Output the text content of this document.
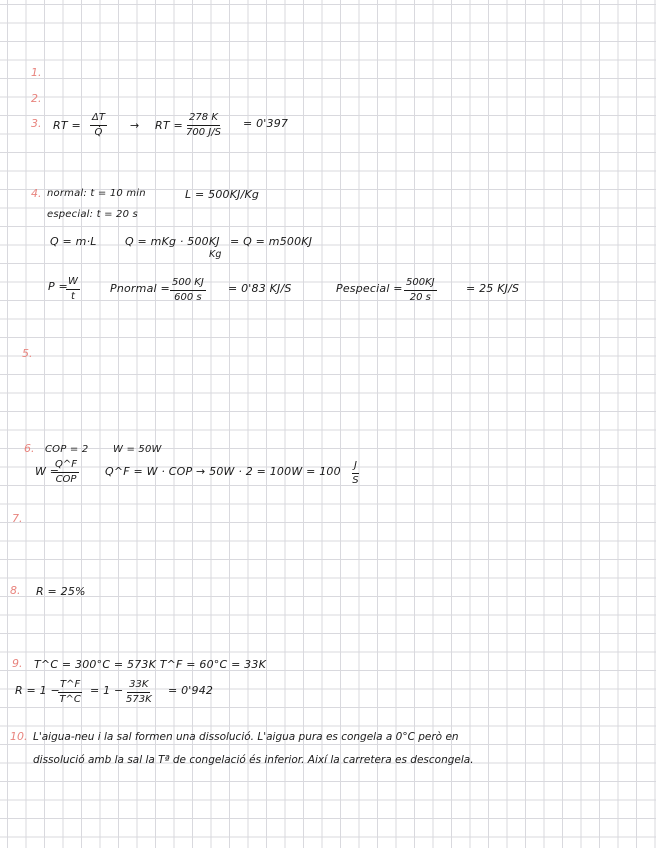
1.
2.
3.
4.
5.
6.
7.
8.
9.
10.
RT = $\frac{\Delta T}{Q̇}$ → RT = $\frac{278 K}{700 J/S} = 0'397$
normal: t = 10 min	L = 500KJ/Kg
especial: t = 20 s
Q = m·L	Q = mKg · 500KJ
Kg
= Q = m500KJ
P =
$\frac{W}{t}$	Pnormal = $\frac{500 KJ}{600 s} = 0'83$ KJ/S	Pespecial = $\frac{500KJ}{20 s}$	= 25 KJ/S
COP = 2 W = 50W
W =
Q^F
COP
Q^F = W · COP → $50W \cdot 2 = 100W = 100 \frac{J}{S}$
R = 25%
T^C = 300°C = 573K T^F = 60°C = 33K
R = 1 −
$\frac{T\^{}F}{T\^{}C} = 1 - \frac{33K}{573K} = 0'942$
L'aigua-neu i la sal formen una dissolució. L'aigua pura es congela a 0°C però en
dissolució amb la sal la Tª de congelació és inferior. Així la carretera es descongela.
